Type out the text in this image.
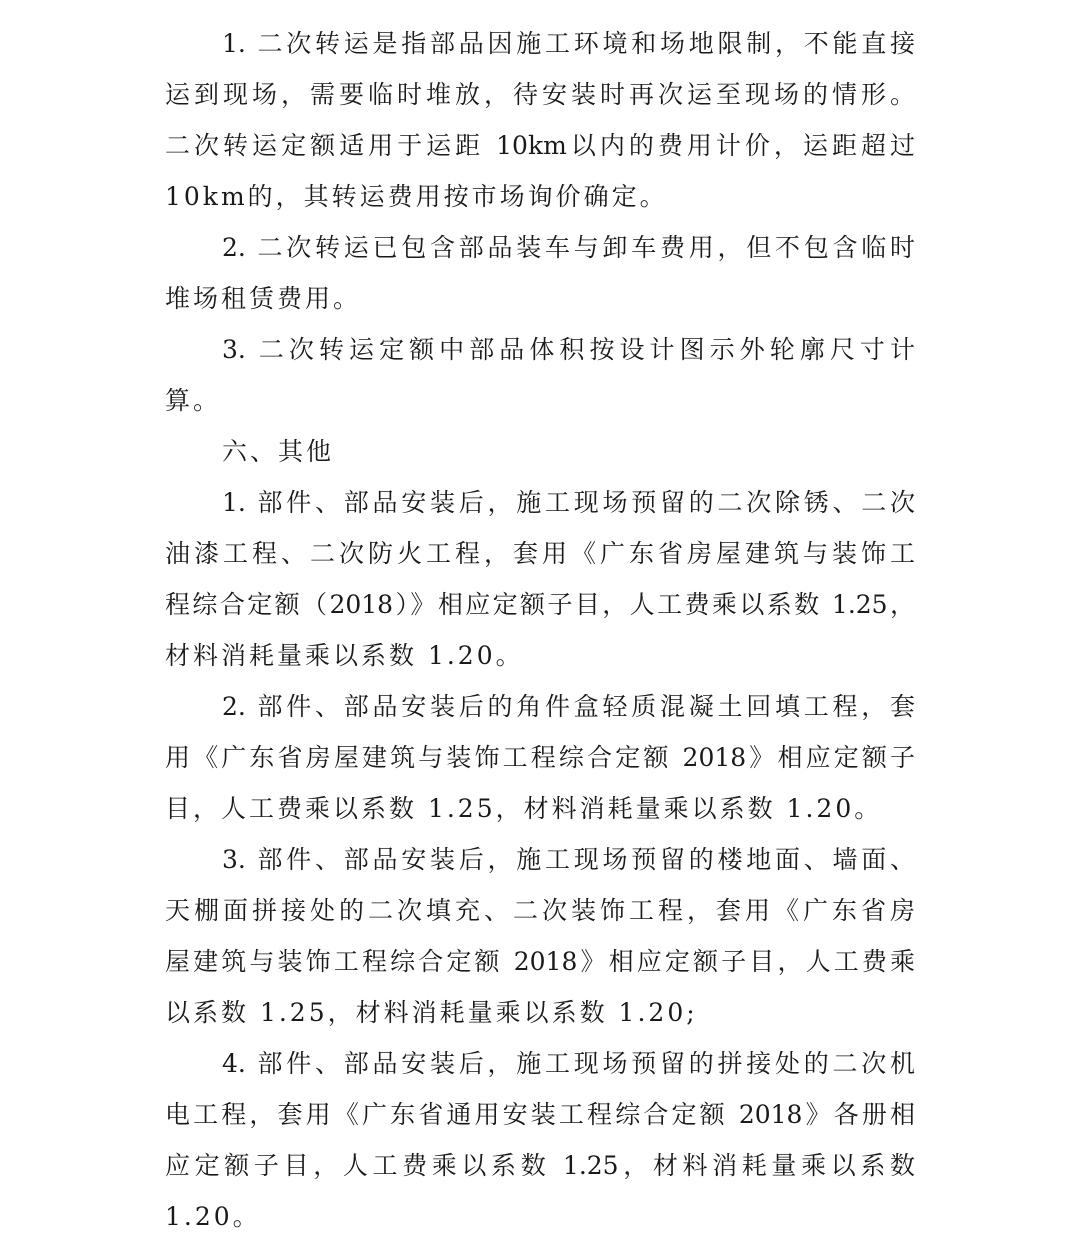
1. 二次转运是指部品因施工环境和场地限制，不能直接
运到现场，需要临时堆放，待安装时再次运至现场的情形。
二次转运定额适用于运距 10km以内的费用计价，运距超过
10km的，其转运费用按市场询价确定。
2. 二次转运已包含部品装车与卸车费用，但不包含临时
堆场租赁费用。
3. 二次转运定额中部品体积按设计图示外轮廓尺寸计
算。
六、其他
1. 部件、部品安装后，施工现场预留的二次除锈、二次
油漆工程、二次防火工程，套用《广东省房屋建筑与装饰工
程综合定额（2018）》相应定额子目，人工费乘以系数 1.25，
材料消耗量乘以系数 1.20。
2. 部件、部品安装后的角件盒轻质混凝土回填工程，套
用《广东省房屋建筑与装饰工程综合定额 2018》相应定额子
目，人工费乘以系数 1.25，材料消耗量乘以系数 1.20。
3. 部件、部品安装后，施工现场预留的楼地面、墙面、
天棚面拼接处的二次填充、二次装饰工程，套用《广东省房
屋建筑与装饰工程综合定额 2018》相应定额子目，人工费乘
以系数 1.25，材料消耗量乘以系数 1.20;
4. 部件、部品安装后，施工现场预留的拼接处的二次机
电工程，套用《广东省通用安装工程综合定额 2018》各册相
应定额子目，人工费乘以系数 1.25，材料消耗量乘以系数
1.20。
